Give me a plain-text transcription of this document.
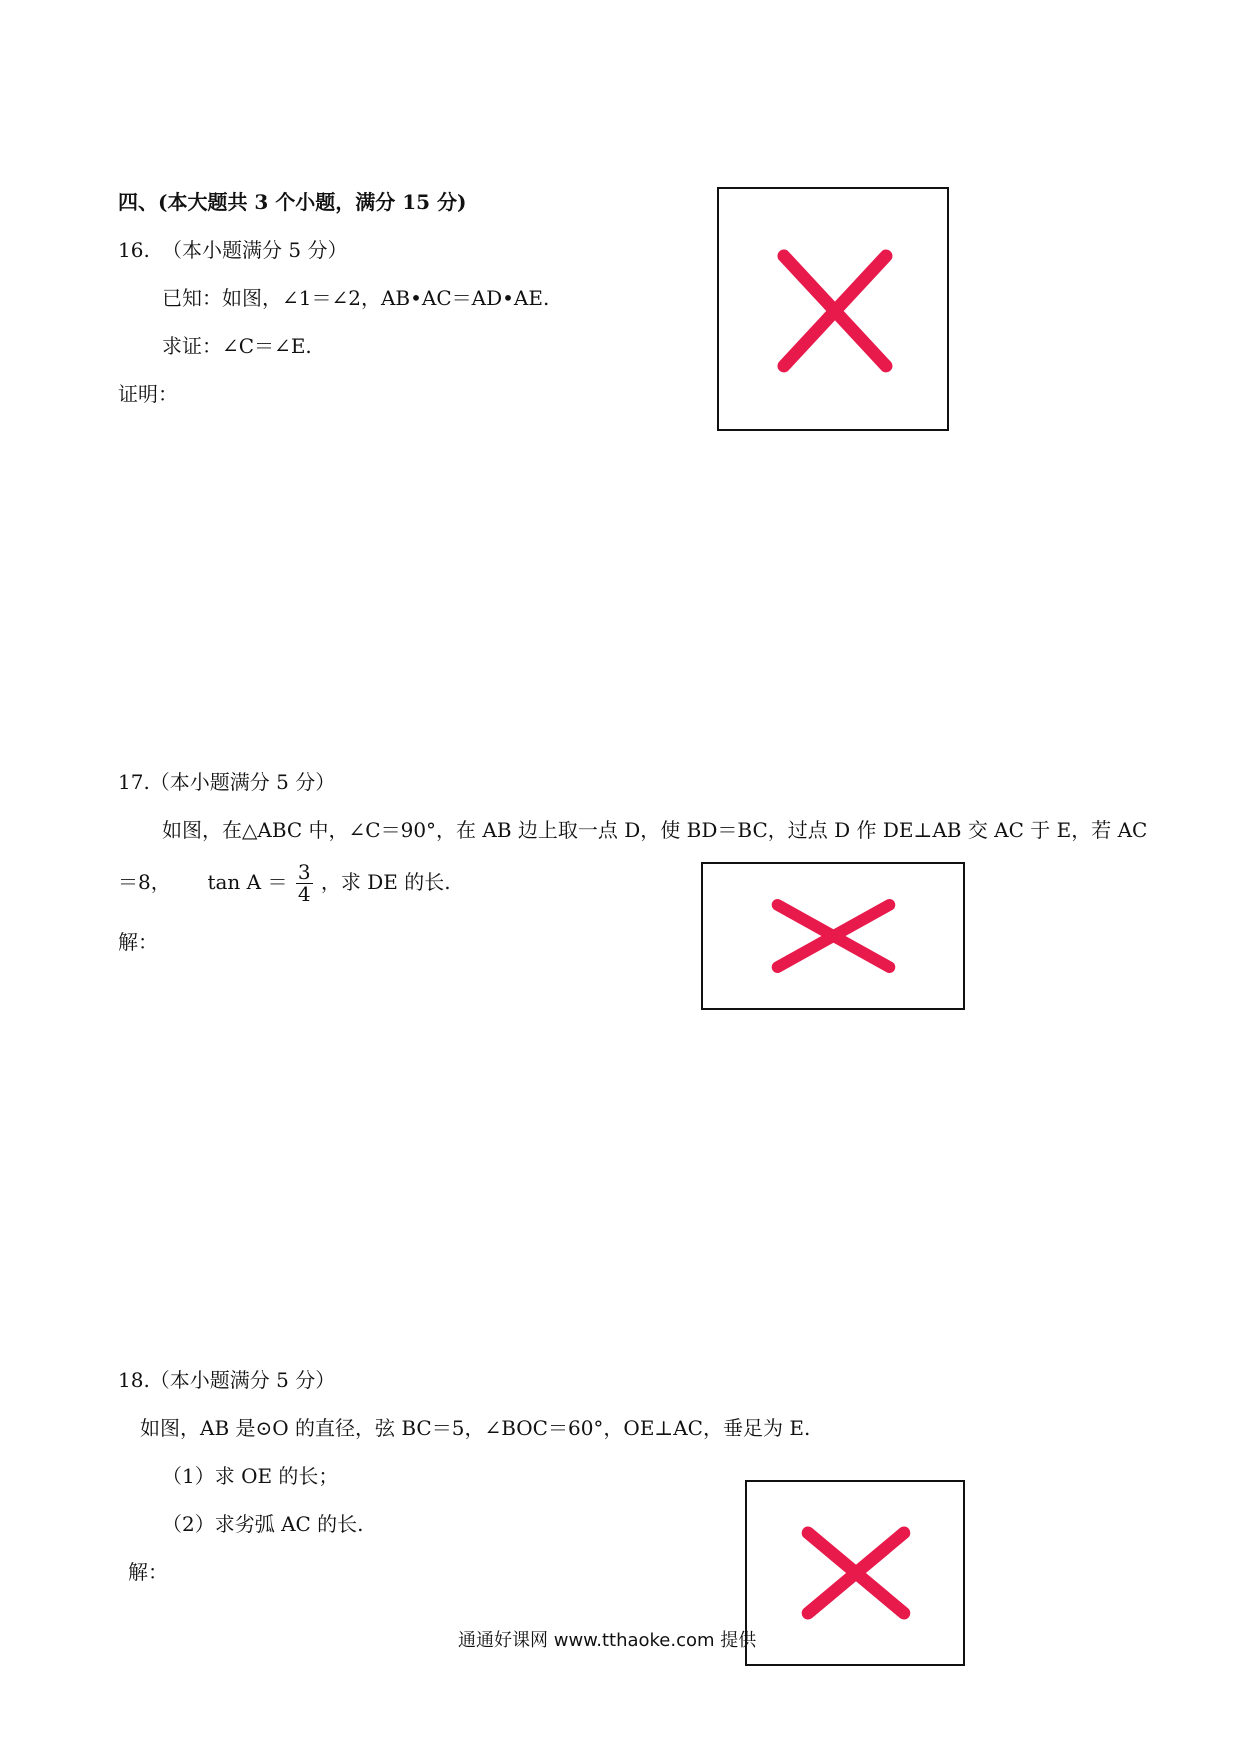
四、(本大题共 3 个小题，满分 15 分)
16. （本小题满分 5 分）
已知：如图，∠1＝∠2，AB•AC＝AD•AE.
求证：∠C＝∠E.
证明：
17.（本小题满分 5 分）
如图，在△ABC 中，∠C＝90°，在 AB 边上取一点 D，使 BD＝BC，过点 D 作 DE⊥AB 交 AC 于 E，若 AC
＝8， $\tan A = \frac{3}{4}$ ，求 DE 的长.
解：
18.（本小题满分 5 分）
如图，AB 是⊙O 的直径，弦 BC＝5，∠BOC＝60°，OE⊥AC，垂足为 E.
（1）求 OE 的长；
（2）求劣弧 AC 的长.
解：
通通好课网 www.tthaoke.com 提供
